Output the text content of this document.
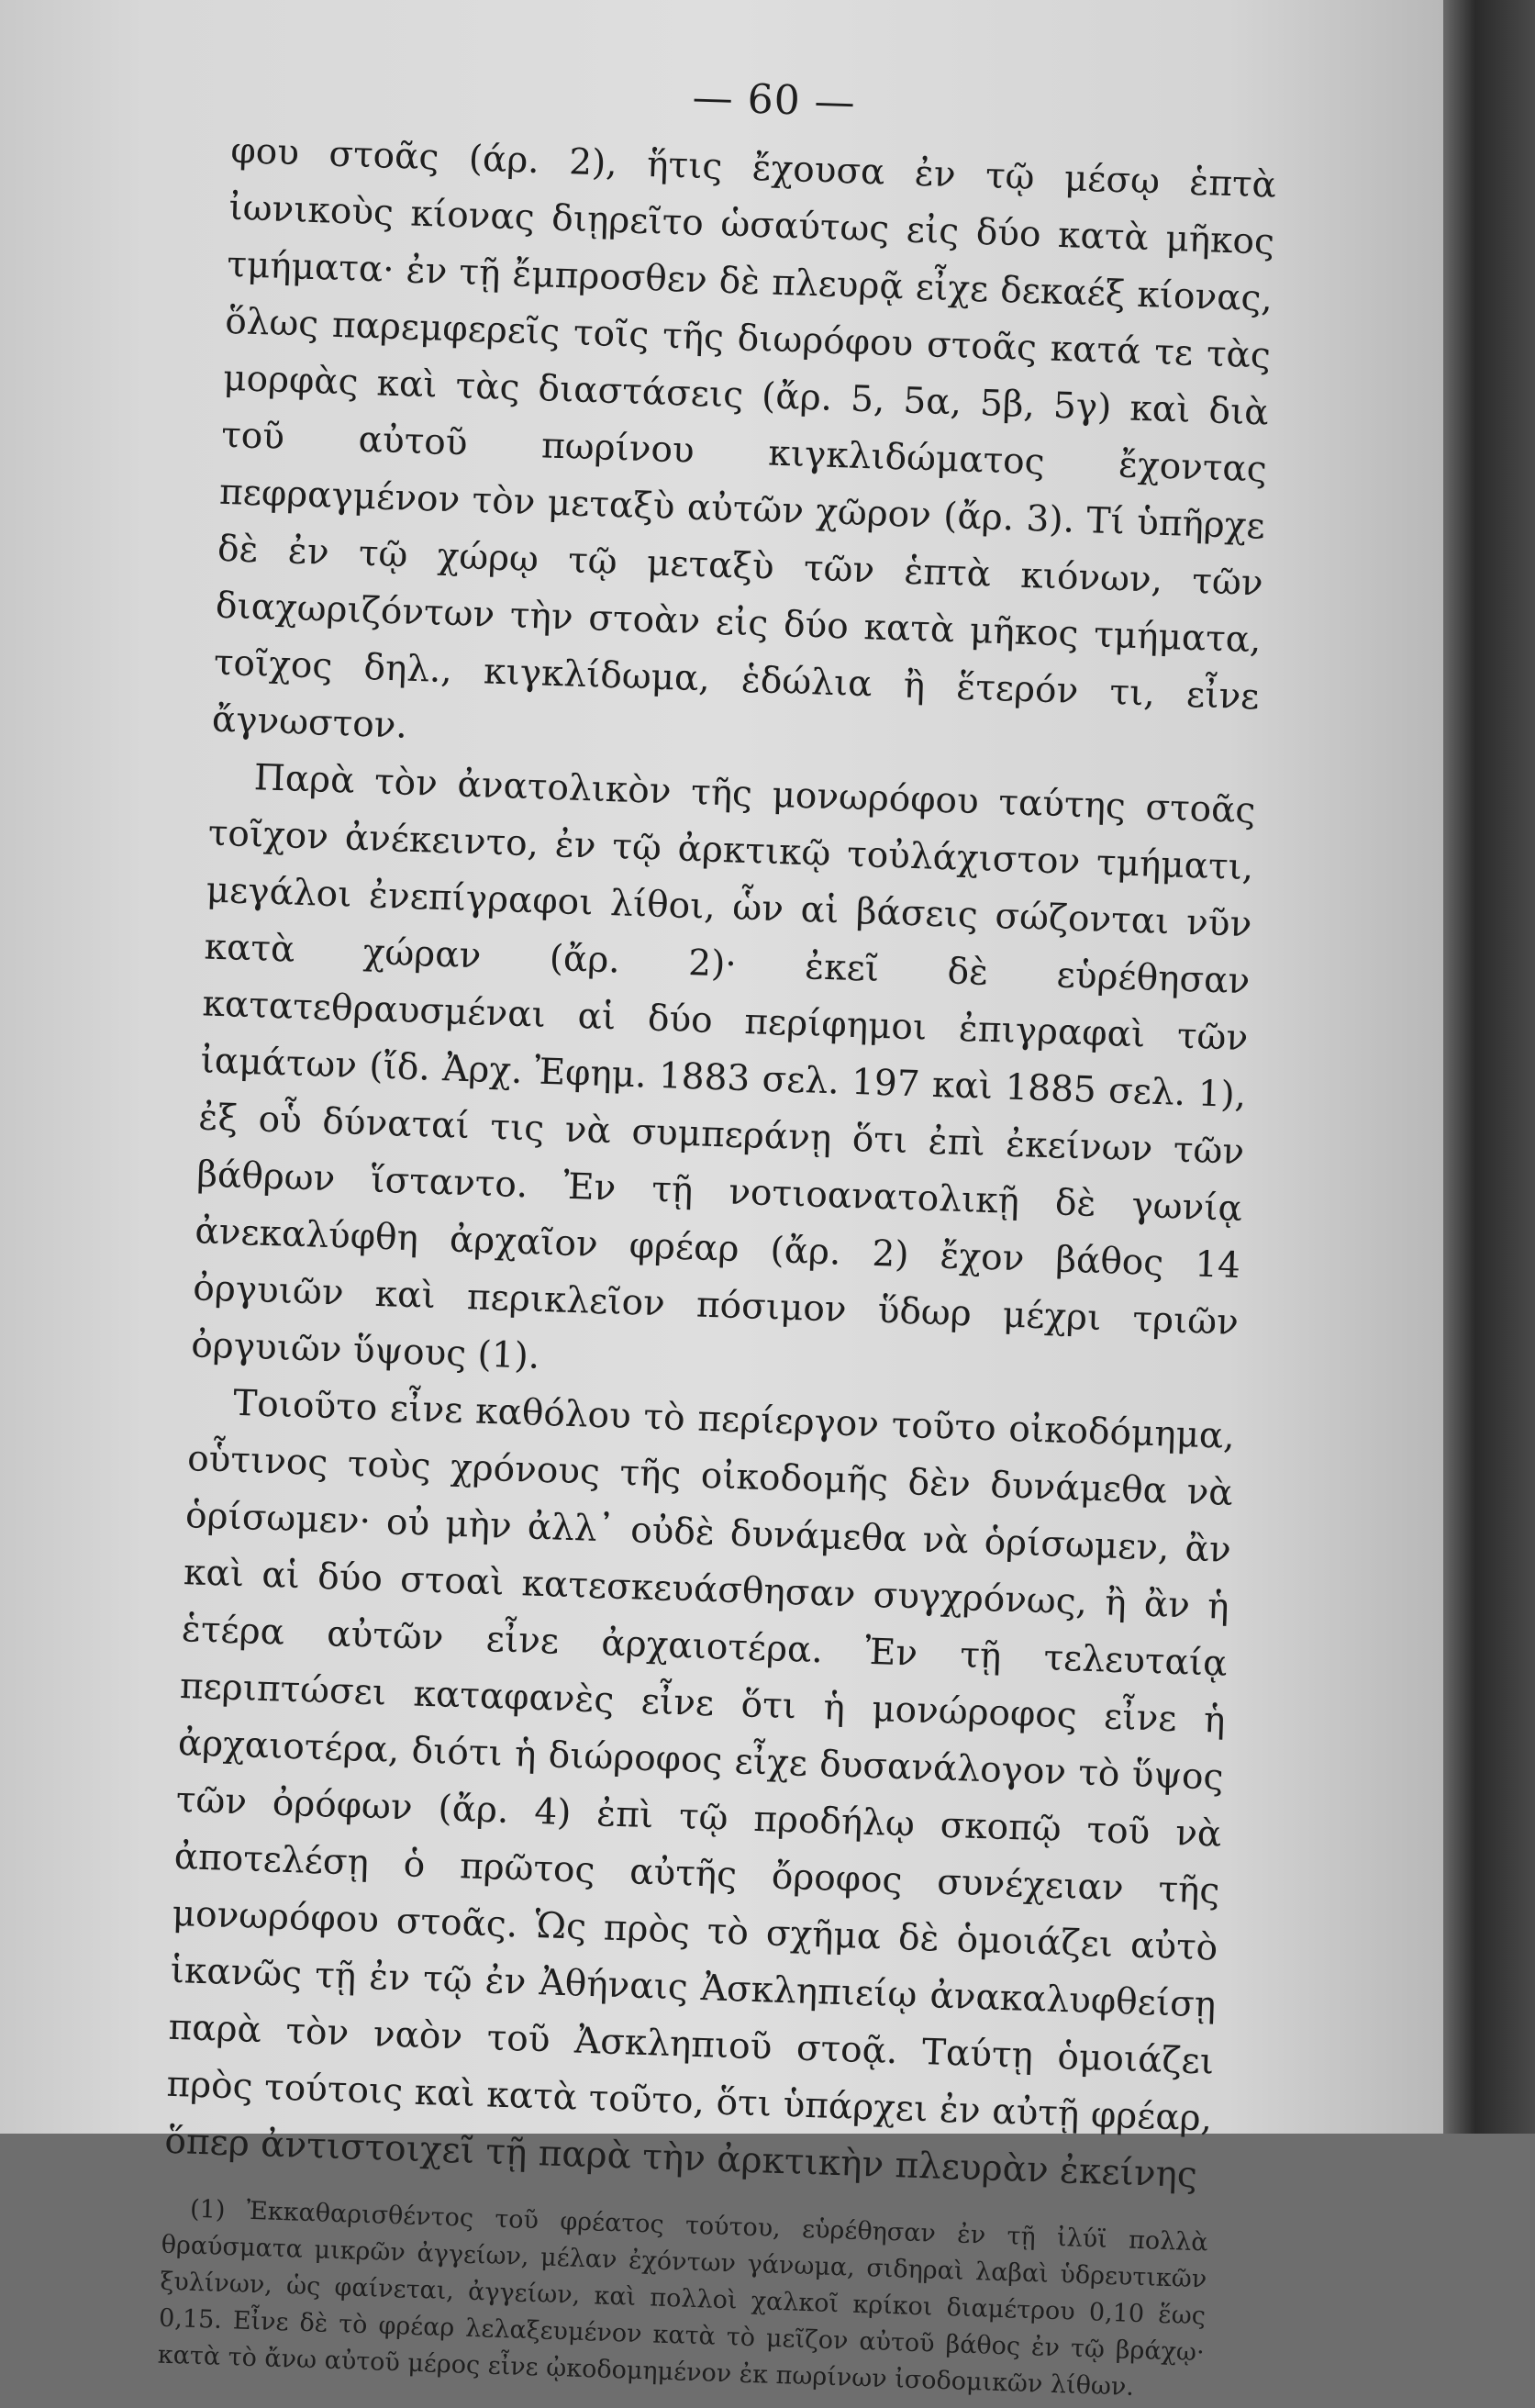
— 60 —

φου στοᾶς (άρ. 2), ἥτις ἔχουσα ἐν τῷ μέσῳ ἑπτὰ ἰωνικοὺς κίονας διῃρεῖτο ὡσαύτως εἰς δύο κατὰ μῆκος τμήματα· ἐν τῇ ἔμπροσθεν δὲ πλευρᾷ εἶχε δεκαέξ κίονας, ὅλως παρεμφερεῖς τοῖς τῆς διωρόφου στοᾶς κατά τε τὰς μορφὰς καὶ τὰς διαστάσεις (ἄρ. 5, 5α, 5β, 5γ) καὶ διὰ τοῦ αὐτοῦ πωρίνου κιγκλιδώματος ἔχοντας πεφραγμένον τὸν μεταξὺ αὐτῶν χῶρον (ἄρ. 3). Τί ὑπῆρχε δὲ ἐν τῷ χώρῳ τῷ μεταξὺ τῶν ἑπτὰ κιόνων, τῶν διαχωριζόντων τὴν στοὰν εἰς δύο κατὰ μῆκος τμήματα, τοῖχος δηλ., κιγκλίδωμα, ἑδώλια ἢ ἕτερόν τι, εἶνε ἄγνωστον.

Παρὰ τὸν ἀνατολικὸν τῆς μονωρόφου ταύτης στοᾶς τοῖχον ἀνέκειντο, ἐν τῷ ἀρκτικῷ τοὐλάχιστον τμήματι, μεγάλοι ἐνεπίγραφοι λίθοι, ὧν αἱ βάσεις σώζονται νῦν κατὰ χώραν (ἄρ. 2)· ἐκεῖ δὲ εὑρέθησαν κατατεθραυσμέναι αἱ δύο περίφημοι ἐπιγραφαὶ τῶν ἰαμάτων (ἴδ. Ἀρχ. Ἐφημ. 1883 σελ. 197 καὶ 1885 σελ. 1), ἐξ οὗ δύναταί τις νὰ συμπεράνῃ ὅτι ἐπὶ ἐκείνων τῶν βάθρων ἵσταντο. Ἐν τῇ νοτιοανατολικῇ δὲ γωνίᾳ ἀνεκαλύφθη ἀρχαῖον φρέαρ (ἄρ. 2) ἔχον βάθος 14 ὀργυιῶν καὶ περικλεῖον πόσιμον ὕδωρ μέχρι τριῶν ὀργυιῶν ὕψους (1).

Τοιοῦτο εἶνε καθόλου τὸ περίεργον τοῦτο οἰκοδόμημα, οὗτινος τοὺς χρόνους τῆς οἰκοδομῆς δὲν δυνάμεθα νὰ ὁρίσωμεν· οὐ μὴν ἀλλ᾽ οὐδὲ δυνάμεθα νὰ ὁρίσωμεν, ἂν καὶ αἱ δύο στοαὶ κατεσκευάσθησαν συγχρόνως, ἢ ἂν ἡ ἑτέρα αὐτῶν εἶνε ἀρχαιοτέρα. Ἐν τῇ τελευταίᾳ περιπτώσει καταφανὲς εἶνε ὅτι ἡ μονώροφος εἶνε ἡ ἀρχαιοτέρα, διότι ἡ διώροφος εἶχε δυσανάλογον τὸ ὕψος τῶν ὀρόφων (ἄρ. 4) ἐπὶ τῷ προδήλῳ σκοπῷ τοῦ νὰ ἀποτελέσῃ ὁ πρῶτος αὐτῆς ὄροφος συνέχειαν τῆς μονωρόφου στοᾶς. Ὡς πρὸς τὸ σχῆμα δὲ ὁμοιάζει αὐτὸ ἱκανῶς τῇ ἐν τῷ ἐν Ἀθήναις Ἀσκληπιείῳ ἀνακαλυφθείσῃ παρὰ τὸν ναὸν τοῦ Ἀσκληπιοῦ στοᾷ. Ταύτῃ ὁμοιάζει πρὸς τούτοις καὶ κατὰ τοῦτο, ὅτι ὑπάρχει ἐν αὐτῇ φρέαρ, ὅπερ ἀντιστοιχεῖ τῇ παρὰ τὴν ἀρκτικὴν πλευρὰν ἐκείνης

(1) Ἐκκαθαρισθέντος τοῦ φρέατος τούτου, εὑρέθησαν ἐν τῇ ἰλύϊ πολλὰ θραύσματα μικρῶν ἀγγείων, μέλαν ἐχόντων γάνωμα, σιδηραὶ λαβαὶ ὑδρευτικῶν ξυλίνων, ὡς φαίνεται, ἀγγείων, καὶ πολλοὶ χαλκοῖ κρίκοι διαμέτρου 0,10 ἕως 0,15. Εἶνε δὲ τὸ φρέαρ λελαξευμένον κατὰ τὸ μεῖζον αὐτοῦ βάθος ἐν τῷ βράχῳ· κατὰ τὸ ἄνω αὐτοῦ μέρος εἶνε ᾠκοδομημένον ἐκ πωρίνων ἰσοδομικῶν λίθων.
